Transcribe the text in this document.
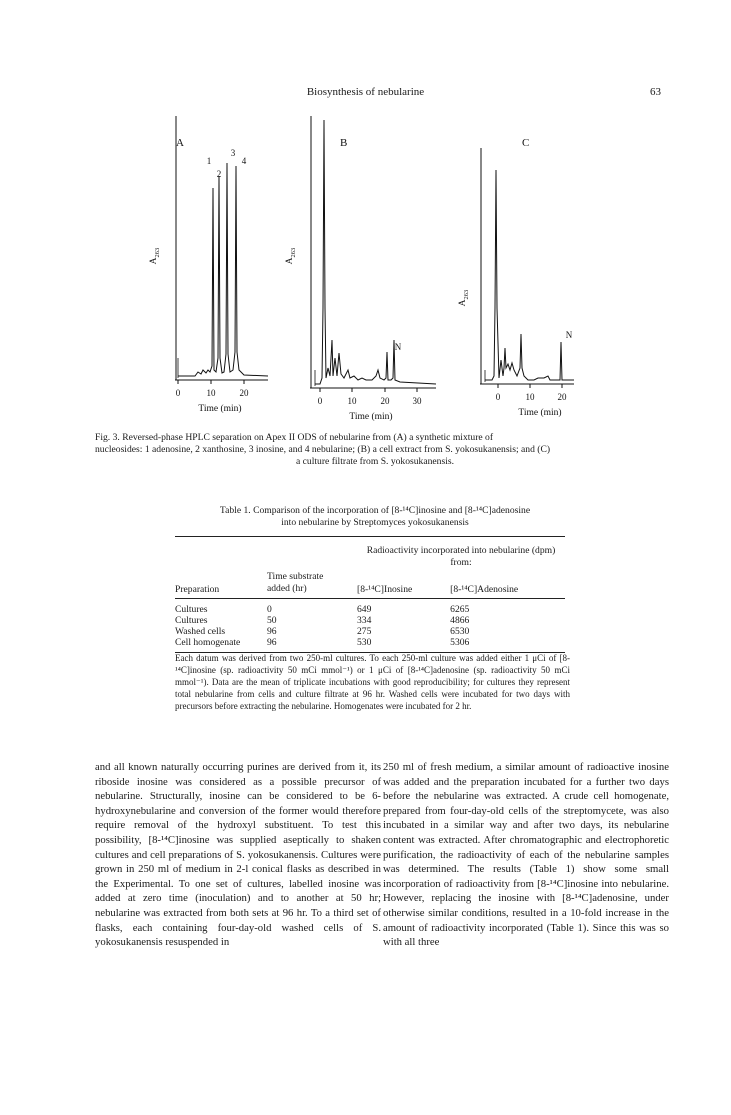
Biosynthesis of nebularine	63
A
1
2
3
4
0	10	20
Time (min)
$A_{263}$
B
N
0	10	20	30
Time (min)
$A_{263}$
C
N
0	10	20
Time (min)
$A_{263}$
Fig. 3. Reversed-phase HPLC separation on Apex II ODS of nebularine from (A) a synthetic mixture of
nucleosides: 1 adenosine, 2 xanthosine, 3 inosine, and 4 nebularine; (B) a cell extract from S. yokosukanensis; and (C)
a culture filtrate from S. yokosukanensis.
Table 1. Comparison of the incorporation of [8-¹⁴C]inosine and [8-¹⁴C]adenosine
into nebularine by Streptomyces yokosukanensis

		Radioactivity incorporated into nebularine (dpm) from:	
Preparation	Time substrate added (hr)	[8-¹⁴C]Inosine	[8-¹⁴C]Adenosine

Cultures	0	649	6265
Cultures	50	334	4866
Washed cells	96	275	6530
Cell homogenate	96	530	5306

Each datum was derived from two 250-ml cultures. To each 250-ml culture was added either 1 μCi of [8-¹⁴C]inosine (sp. radioactivity 50 mCi mmol⁻¹) or 1 μCi of [8-¹⁴C]adenosine (sp. radioactivity 50 mCi mmol⁻¹). Data are the mean of triplicate incubations with good reproducibility; for cultures they represent total nebularine from cells and culture filtrate at 96 hr. Washed cells were incubated for two days with precursors before extracting the nebularine. Homogenates were incubated for 2 hr.
and all known naturally occurring purines are derived from it, its riboside inosine was considered as a possible precursor of nebularine. Structurally, inosine can be considered to be 6-hydroxynebularine and conversion of the former would therefore require removal of the hydroxyl substituent. To test this possibility, [8-¹⁴C]inosine was supplied aseptically to shaken cultures and cell preparations of S. yokosukanensis. Cultures were grown in 250 ml of medium in 2-l conical flasks as described in the Experimental. To one set of cultures, labelled inosine was added at zero time (inoculation) and to another at 50 hr; nebularine was extracted from both sets at 96 hr. To a third set of flasks, each containing four-day-old washed cells of S. yokosukanensis resuspended in
250 ml of fresh medium, a similar amount of radioactive inosine was added and the preparation incubated for a further two days before the nebularine was extracted. A crude cell homogenate, prepared from four-day-old cells of the streptomycete, was also incubated in a similar way and after two days, its nebularine content was extracted. After chromatographic and electrophoretic purification, the radioactivity of each of the nebularine samples was determined. The results (Table 1) show some small incorporation of radioactivity from [8-¹⁴C]inosine into nebularine. However, replacing the inosine with [8-¹⁴C]adenosine, under otherwise similar conditions, resulted in a 10-fold increase in the amount of radioactivity incorporated (Table 1). Since this was so with all three
